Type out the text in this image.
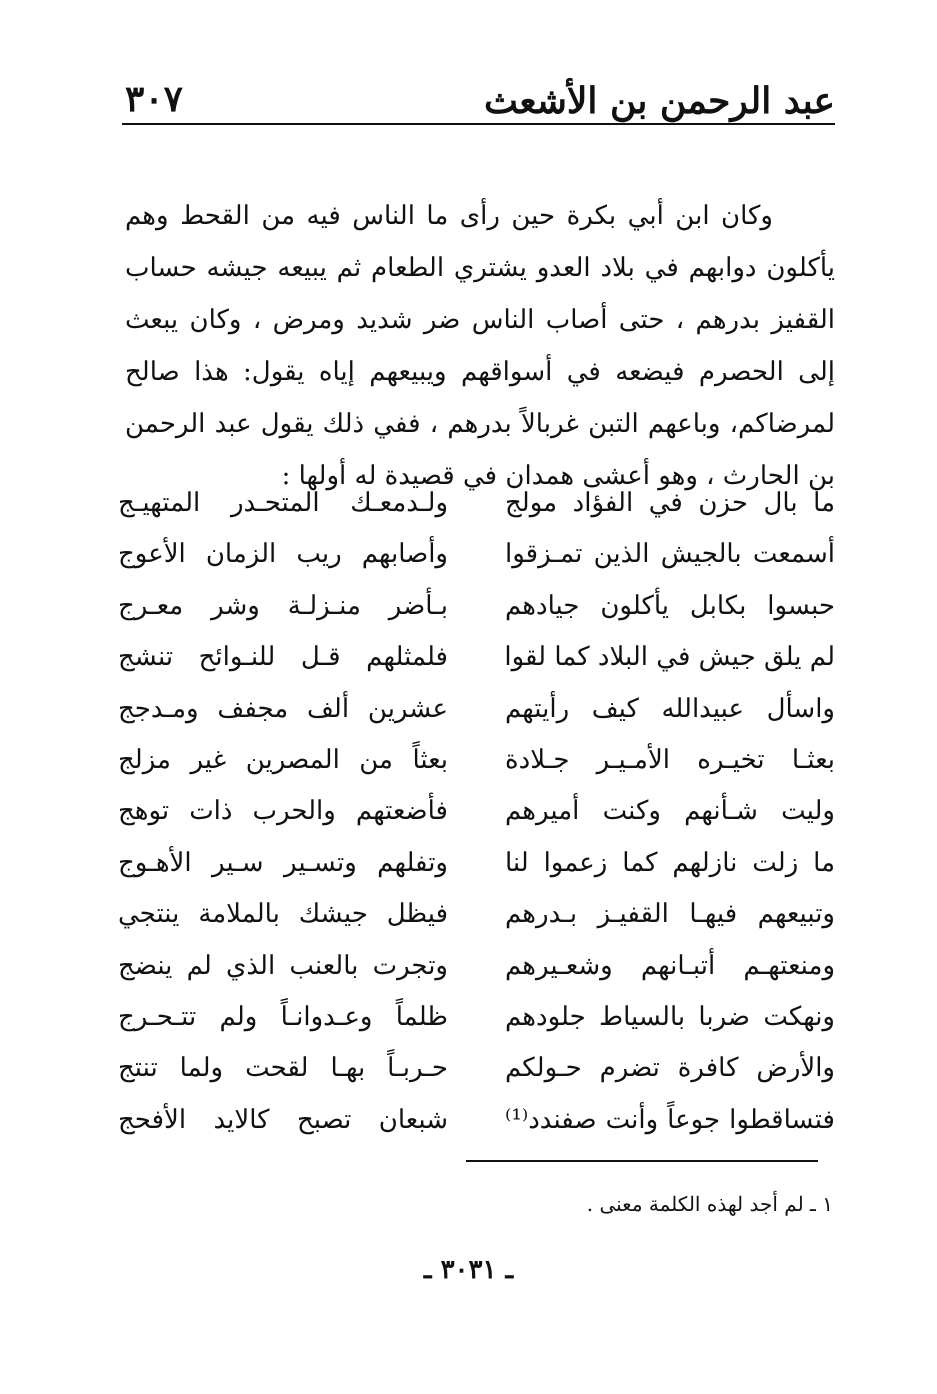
عبد الرحمن بن الأشعث
٣٠٧

وكان ابن أبي بكرة حين رأى ما الناس فيه من القحط وهم يأكلون دوابهم في بلاد العدو يشتري الطعام ثم يبيعه جيشه حساب القفيز بدرهم ، حتى أصاب الناس ضر شديد ومرض ، وكان يبعث إلى الحصرم فيضعه في أسواقهم ويبيعهم إياه يقول: هذا صالح لمرضاكم، وباعهم التبن غربالاً بدرهم ، ففي ذلك يقول عبد الرحمن بن الحارث ، وهو أعشى همدان في قصيدة له أولها :

ما بال حزن في الفؤاد مولج
ولـدمعـك المتحـدر المتهيـج
أسمعت بالجيش الذين تمـزقوا
وأصابهم ريب الزمان الأعوج
حبسوا بكابل يأكلون جيادهم
بـأضر منـزلـة وشر معـرج
لم يلق جيش في البلاد كما لقوا
فلمثلهم قـل للنـوائح تنشج
واسأل عبيدالله كيف رأيتهم
عشرين ألف مجفف ومـدجج
بعثـا تخيـره الأمـيـر جـلادة
بعثاً من المصرين غير مزلج
وليت شـأنهم وكنت أميرهم
فأضعتهم والحرب ذات توهج
ما زلت نازلهم كما زعموا لنا
وتفلهم وتسـير سـير الأهـوج
وتبيعهم فيهـا القفيـز بـدرهم
فيظل جيشك بالملامة ينتجي
ومنعتهـم أتبـانهم وشعـيرهم
وتجرت بالعنب الذي لم ينضج
ونهكت ضربا بالسياط جلودهم
ظلماً وعـدوانـاً ولم تتـحـرج
والأرض كافرة تضرم حـولكم
حـربـاً بهـا لقحت ولما تنتج
فتساقطوا جوعاً وأنت صفندد⁽¹⁾
شبعان تصبح كالايد الأفحج
١ ـ لم أجد لهذه الكلمة معنى .
ـ ٣٠٣١ ـ
